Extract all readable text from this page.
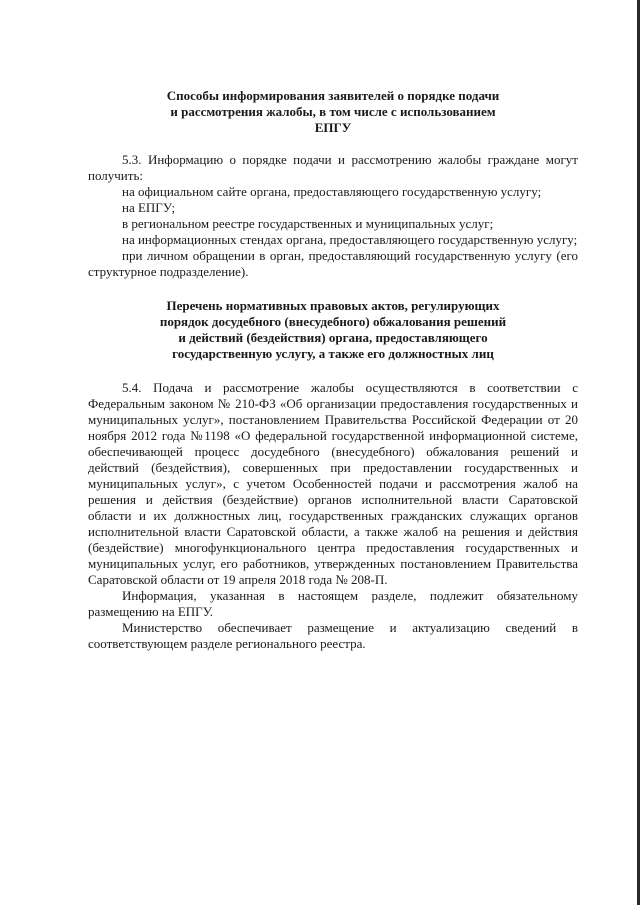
Способы информирования заявителей о порядке подачи
и рассмотрения жалобы, в том числе с использованием
ЕПГУ

5.3. Информацию о порядке подачи и рассмотрению жалобы граждане могут получить:

на официальном сайте органа, предоставляющего государственную услугу;

на ЕПГУ;

в региональном реестре государственных и муниципальных услуг;

на информационных стендах органа, предоставляющего государственную услугу;

при личном обращении в орган, предоставляющий государственную услугу (его структурное подразделение).

Перечень нормативных правовых актов, регулирующих
порядок досудебного (внесудебного) обжалования решений
и действий (бездействия) органа, предоставляющего
государственную услугу, а также его должностных лиц

5.4. Подача и рассмотрение жалобы осуществляются в соответствии с Федеральным законом № 210-ФЗ «Об организации предоставления государственных и муниципальных услуг», постановлением Правительства Российской Федерации от 20 ноября 2012 года №1198 «О федеральной государственной информационной системе, обеспечивающей процесс досудебного (внесудебного) обжалования решений и действий (бездействия), совершенных при предоставлении государственных и муниципальных услуг», с учетом Особенностей подачи и рассмотрения жалоб на решения и действия (бездействие) органов исполнительной власти Саратовской области и их должностных лиц, государственных гражданских служащих органов исполнительной власти Саратовской области, а также жалоб на решения и действия (бездействие) многофункционального центра предоставления государственных и муниципальных услуг, его работников, утвержденных постановлением Правительства Саратовской области от 19 апреля 2018 года № 208-П.

Информация, указанная в настоящем разделе, подлежит обязательному размещению на ЕПГУ.

Министерство обеспечивает размещение и актуализацию сведений в соответствующем разделе регионального реестра.
